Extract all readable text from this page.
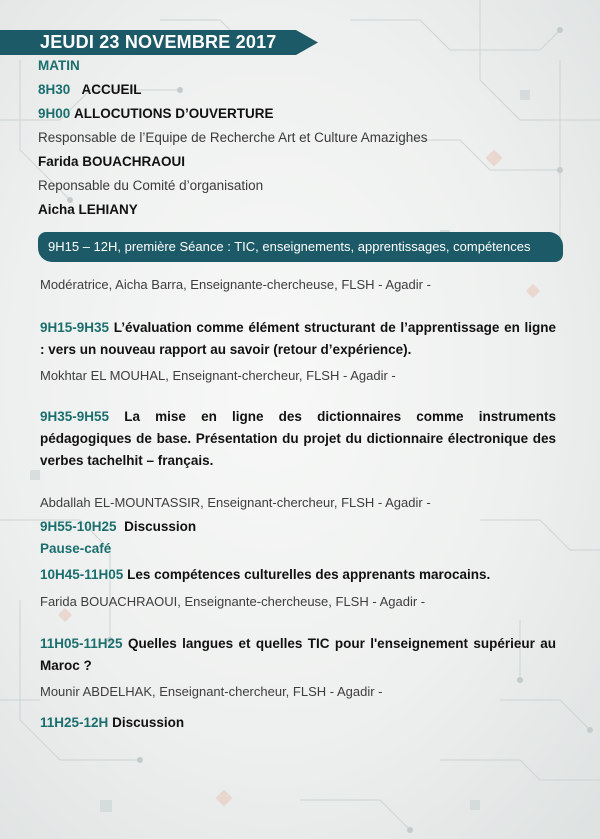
JEUDI 23 NOVEMBRE 2017
MATIN
8H30 ACCUEIL
9H00 ALLOCUTIONS D’OUVERTURE
Responsable de l’Equipe de Recherche Art et Culture Amazighes
Farida BOUACHRAOUI
Reponsable du Comité d’organisation
Aicha LEHIANY
9H15 – 12H, première Séance : TIC, enseignements, apprentissages, compétences
Modératrice, Aicha Barra, Enseignante-chercheuse, FLSH - Agadir -
9H15-9H35 L’évaluation comme élément structurant de l’apprentissage en ligne : vers un nouveau rapport au savoir (retour d’expérience).
Mokhtar EL MOUHAL, Enseignant-chercheur, FLSH - Agadir -
9H35-9H55 La mise en ligne des dictionnaires comme instruments pédagogiques de base. Présentation du projet du dictionnaire électronique des verbes tachelhit – français.
Abdallah EL-MOUNTASSIR, Enseignant-chercheur, FLSH - Agadir -
9H55-10H25 Discussion
Pause-café
10H45-11H05 Les compétences culturelles des apprenants marocains.
Farida BOUACHRAOUI, Enseignante-chercheuse, FLSH - Agadir -
11H05-11H25 Quelles langues et quelles TIC pour l'enseignement supérieur au Maroc ?
Mounir ABDELHAK, Enseignant-chercheur, FLSH - Agadir -
11H25-12H Discussion
